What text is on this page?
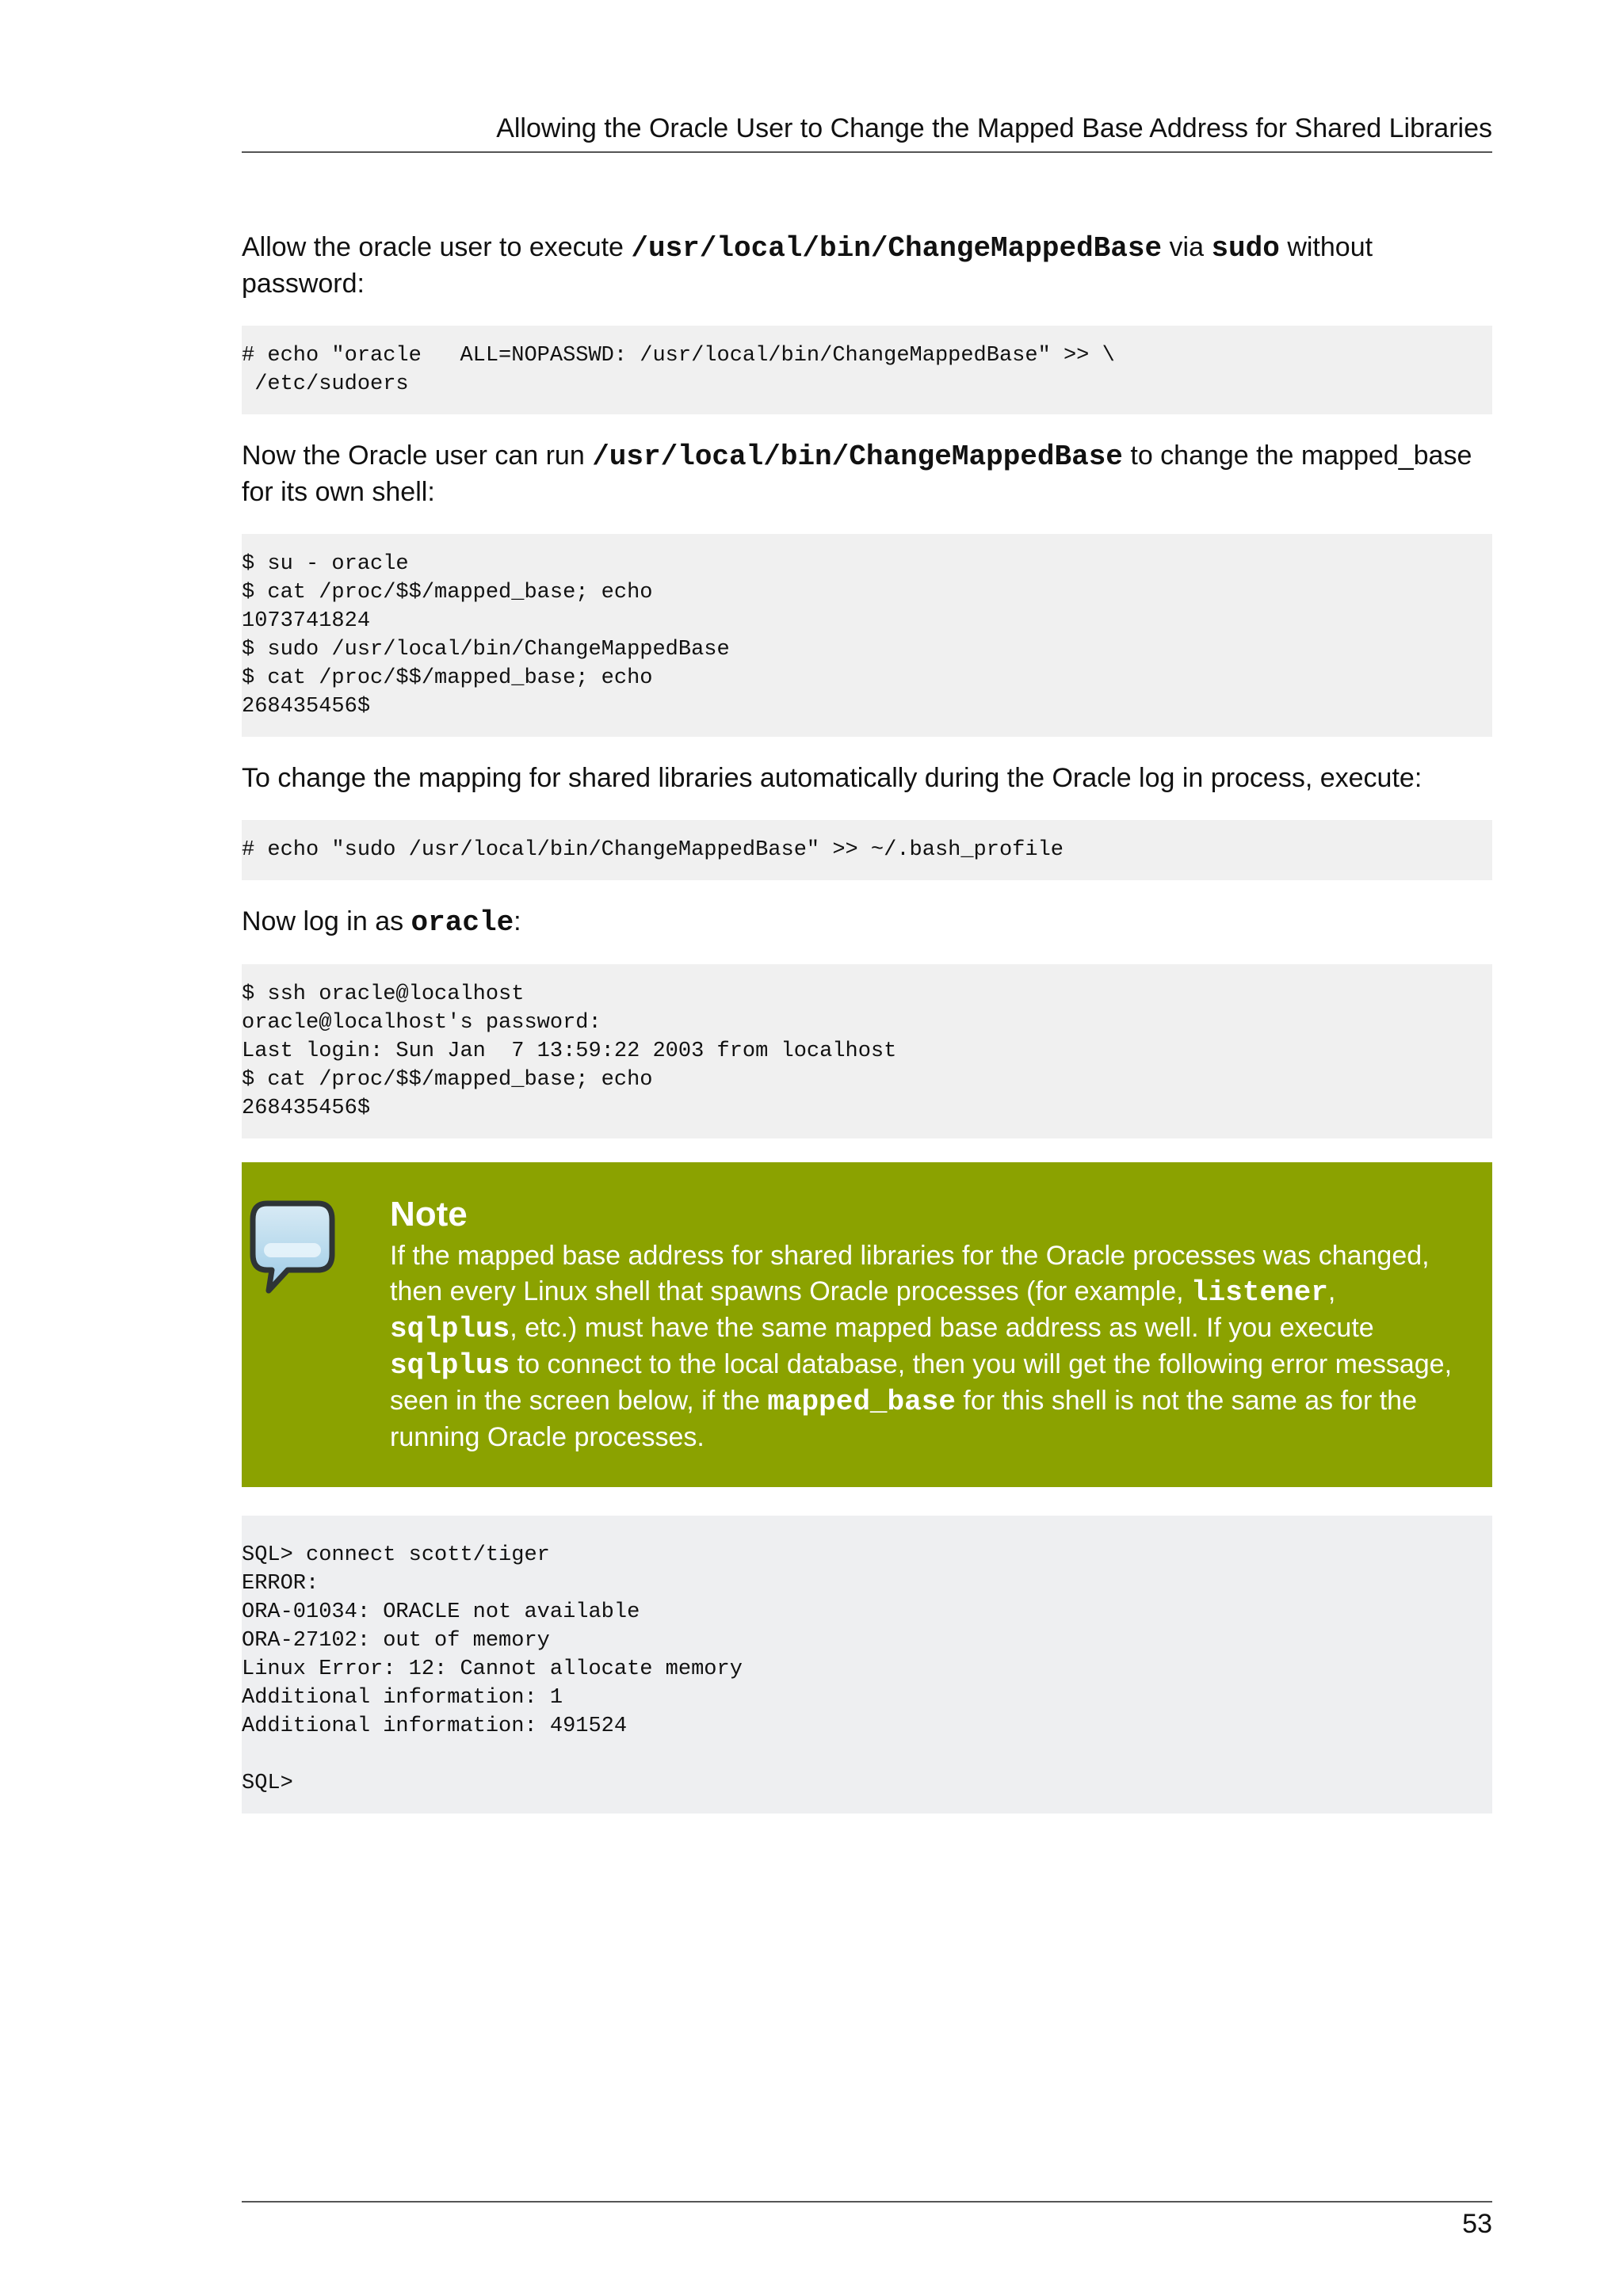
Allowing the Oracle User to Change the Mapped Base Address for Shared Libraries

Allow the oracle user to execute /usr/local/bin/ChangeMappedBase via sudo without password:

# echo "oracle   ALL=NOPASSWD: /usr/local/bin/ChangeMappedBase" >> \
/etc/sudoers

Now the Oracle user can run /usr/local/bin/ChangeMappedBase to change the mapped_base for its own shell:

$ su - oracle
$ cat /proc/$$/mapped_base; echo
1073741824
$ sudo /usr/local/bin/ChangeMappedBase
$ cat /proc/$$/mapped_base; echo
268435456$

To change the mapping for shared libraries automatically during the Oracle log in process, execute:

# echo "sudo /usr/local/bin/ChangeMappedBase" >> ~/.bash_profile

Now log in as oracle:

$ ssh oracle@localhost
oracle@localhost's password:
Last login: Sun Jan  7 13:59:22 2003 from localhost
$ cat /proc/$$/mapped_base; echo
268435456$
Note

If the mapped base address for shared libraries for the Oracle processes was changed, then every Linux shell that spawns Oracle processes (for example, listener, sqlplus, etc.) must have the same mapped base address as well. If you execute sqlplus to connect to the local database, then you will get the following error message, seen in the screen below, if the mapped_base for this shell is not the same as for the running Oracle processes.

SQL> connect scott/tiger
ERROR:
ORA-01034: ORACLE not available
ORA-27102: out of memory
Linux Error: 12: Cannot allocate memory
Additional information: 1
Additional information: 491524

SQL>
53
